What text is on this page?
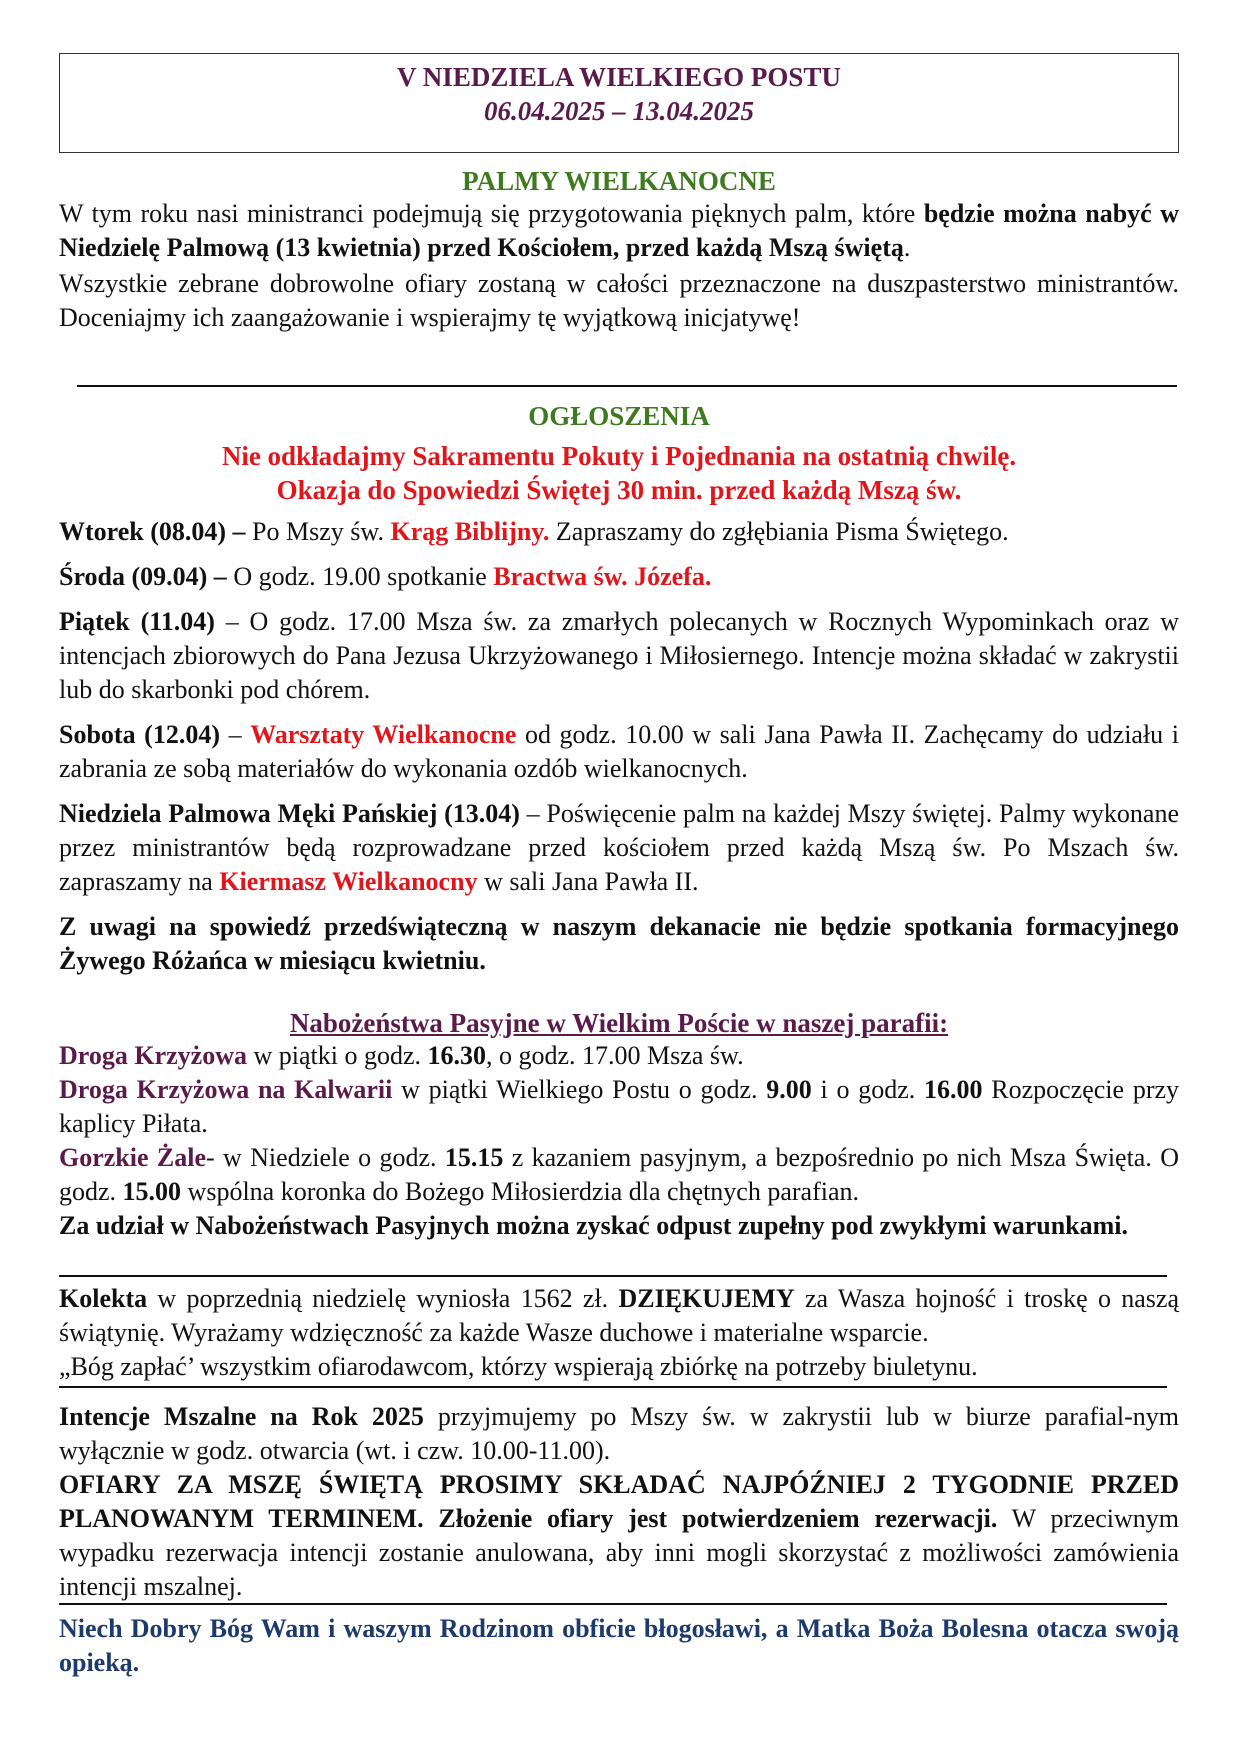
V NIEDZIELA WIELKIEGO POSTU
06.04.2025 – 13.04.2025

PALMY WIELKANOCNE

W tym roku nasi ministranci podejmują się przygotowania pięknych palm, które będzie można nabyć w Niedzielę Palmową (13 kwietnia) przed Kościołem, przed każdą Mszą świętą.

Wszystkie zebrane dobrowolne ofiary zostaną w całości przeznaczone na duszpasterstwo ministrantów. Doceniajmy ich zaangażowanie i wspierajmy tę wyjątkową inicjatywę!

OGŁOSZENIA

Nie odkładajmy Sakramentu Pokuty i Pojednania na ostatnią chwilę.

Okazja do Spowiedzi Świętej 30 min. przed każdą Mszą św.

Wtorek (08.04) – Po Mszy św. Krąg Biblijny. Zapraszamy do zgłębiania Pisma Świętego.

Środa (09.04) – O godz. 19.00 spotkanie Bractwa św. Józefa.

Piątek (11.04) – O godz. 17.00 Msza św. za zmarłych polecanych w Rocznych Wypominkach oraz w intencjach zbiorowych do Pana Jezusa Ukrzyżowanego i Miłosiernego. Intencje można składać w zakrystii lub do skarbonki pod chórem.

Sobota (12.04) – Warsztaty Wielkanocne od godz. 10.00 w sali Jana Pawła II. Zachęcamy do udziału i zabrania ze sobą materiałów do wykonania ozdób wielkanocnych.

Niedziela Palmowa Męki Pańskiej (13.04) – Poświęcenie palm na każdej Mszy świętej. Palmy wykonane przez ministrantów będą rozprowadzane przed kościołem przed każdą Mszą św. Po Mszach św. zapraszamy na Kiermasz Wielkanocny w sali Jana Pawła II.

Z uwagi na spowiedź przedświąteczną w naszym dekanacie nie będzie spotkania formacyjnego Żywego Różańca w miesiącu kwietniu.

Nabożeństwa Pasyjne w Wielkim Poście w naszej parafii:

Droga Krzyżowa w piątki o godz. 16.30, o godz. 17.00 Msza św.

Droga Krzyżowa na Kalwarii w piątki Wielkiego Postu o godz. 9.00 i o godz. 16.00 Rozpoczęcie przy kaplicy Piłata.

Gorzkie Żale- w Niedziele o godz. 15.15 z kazaniem pasyjnym, a bezpośrednio po nich Msza Święta. O godz. 15.00 wspólna koronka do Bożego Miłosierdzia dla chętnych parafian.

Za udział w Nabożeństwach Pasyjnych można zyskać odpust zupełny pod zwykłymi warunkami.

Kolekta w poprzednią niedzielę wyniosła 1562 zł. DZIĘKUJEMY za Wasza hojność i troskę o naszą świątynię. Wyrażamy wdzięczność za każde Wasze duchowe i materialne wsparcie.

„Bóg zapłać’ wszystkim ofiarodawcom, którzy wspierają zbiórkę na potrzeby biuletynu.

Intencje Mszalne na Rok 2025 przyjmujemy po Mszy św. w zakrystii lub w biurze parafial-nym wyłącznie w godz. otwarcia (wt. i czw. 10.00-11.00).

OFIARY ZA MSZĘ ŚWIĘTĄ PROSIMY SKŁADAĆ NAJPÓŹNIEJ 2 TYGODNIE PRZED PLANOWANYM TERMINEM. Złożenie ofiary jest potwierdzeniem rezerwacji. W przeciwnym wypadku rezerwacja intencji zostanie anulowana, aby inni mogli skorzystać z możliwości zamówienia intencji mszalnej.

Niech Dobry Bóg Wam i waszym Rodzinom obficie błogosławi, a Matka Boża Bolesna otacza swoją opieką.
